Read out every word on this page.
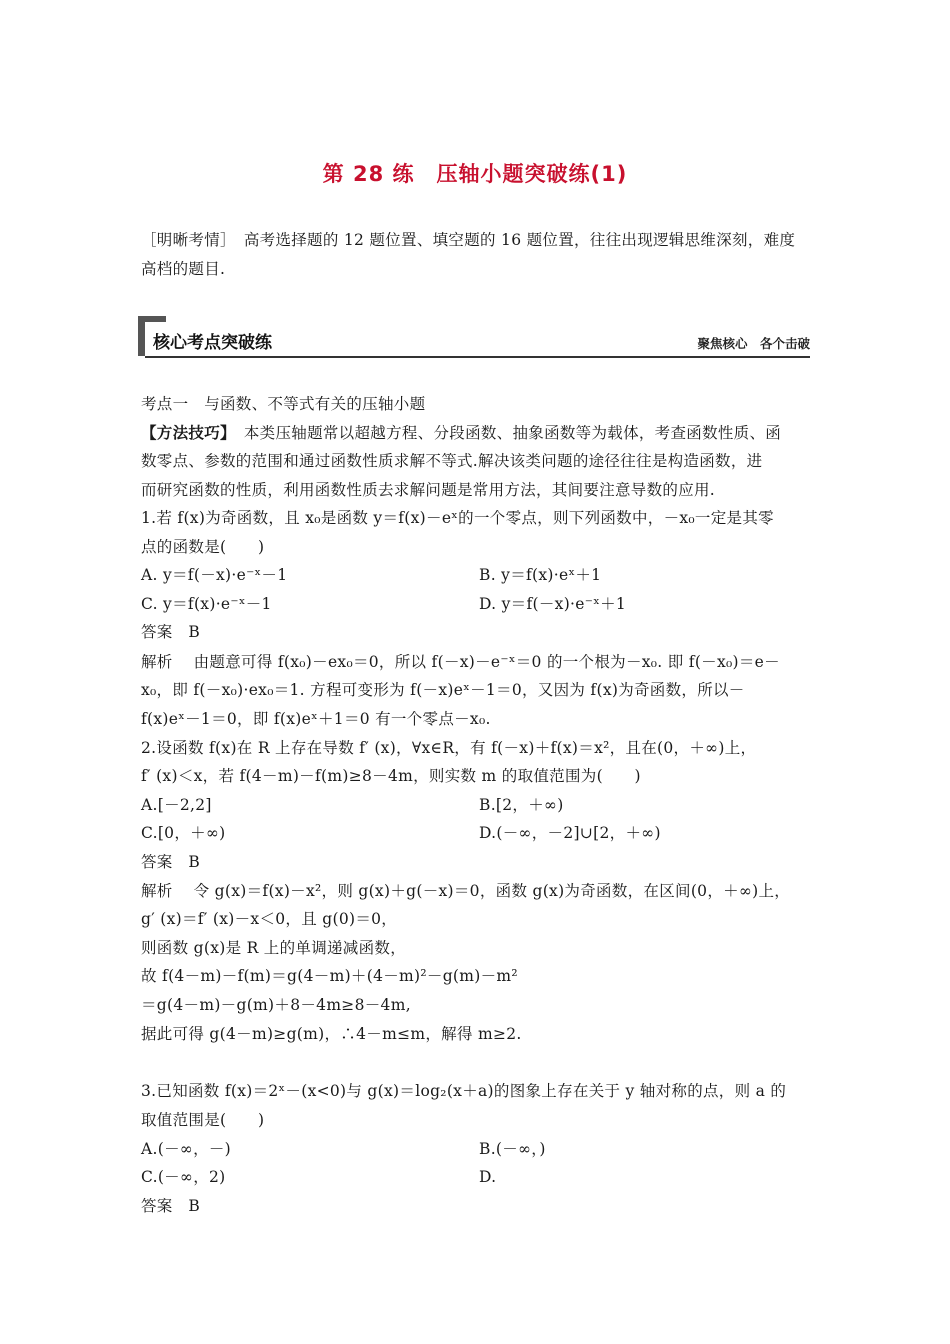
第 28 练　压轴小题突破练(1)
［明晰考情］　高考选择题的 12 题位置、填空题的 16 题位置，往往出现逻辑思维深刻，难度
高档的题目.
核心考点突破练	聚焦核心　各个击破
考点一　与函数、不等式有关的压轴小题
【方法技巧】　本类压轴题常以超越方程、分段函数、抽象函数等为载体，考查函数性质、函
数零点、参数的范围和通过函数性质求解不等式.解决该类问题的途径往往是构造函数，进
而研究函数的性质，利用函数性质去求解问题是常用方法，其间要注意导数的应用.
1.若 f(x)为奇函数，且 x₀是函数 y＝f(x)－eˣ的一个零点，则下列函数中，－x₀一定是其零
点的函数是(　　)
A. y＝f(－x)·e⁻ˣ－1	B. y＝f(x)·eˣ＋1
C. y＝f(x)·e⁻ˣ－1	D. y＝f(－x)·e⁻ˣ＋1
答案　B
解析　 由题意可得 f(x₀)－ex₀＝0，所以 f(－x)－e⁻ˣ＝0 的一个根为－x₀. 即 f(－x₀)＝e－
x₀，即 f(－x₀)·ex₀＝1. 方程可变形为 f(－x)eˣ－1＝0，又因为 f(x)为奇函数，所以－
f(x)eˣ－1＝0，即 f(x)eˣ＋1＝0 有一个零点－x₀.
2.设函数 f(x)在 R 上存在导数 f′ (x)，∀x∈R，有 f(－x)＋f(x)＝x²，且在(0，＋∞)上，
f′ (x)＜x，若 f(4－m)－f(m)≥8－4m，则实数 m 的取值范围为(　　)
A.[－2,2]	B.[2，＋∞)
C.[0，＋∞)	D.(－∞，－2]∪[2，＋∞)
答案　B
解析　 令 g(x)＝f(x)－x²，则 g(x)＋g(－x)＝0，函数 g(x)为奇函数，在区间(0，＋∞)上，
g′ (x)＝f′ (x)－x＜0，且 g(0)＝0，
则函数 g(x)是 R 上的单调递减函数，
故 f(4－m)－f(m)＝g(4－m)＋(4－m)²－g(m)－m²
＝g(4－m)－g(m)＋8－4m≥8－4m,
据此可得 g(4－m)≥g(m)，∴4－m≤m，解得 m≥2.
3.已知函数 f(x)＝2ˣ－(x<0)与 g(x)＝log₂(x＋a)的图象上存在关于 y 轴对称的点，则 a 的
取值范围是(　　)
A.(－∞，－)	B.(－∞，)
C.(－∞，2)	D.
答案　B
